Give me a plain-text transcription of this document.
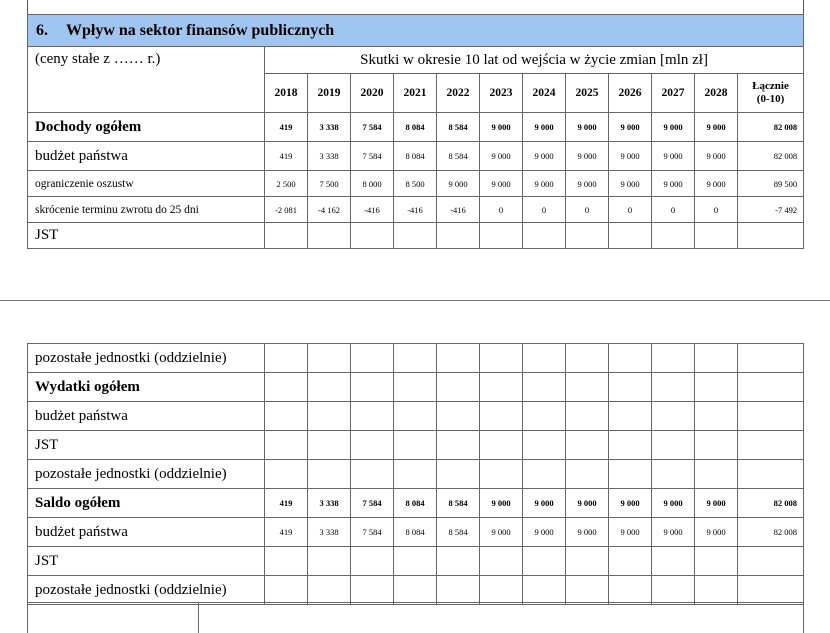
6. Wpływ na sektor finansów publicznych												
(ceny stałe z …… r.)	Skutki w okresie 10 lat od wejścia w życie zmian [mln zł]											
	2018	2019	2020	2021	2022	2023	2024	2025	2026	2027	2028	Łącznie
(0-10)
Dochody ogółem	419	3 338	7 584	8 084	8 584	9 000	9 000	9 000	9 000	9 000	9 000	82 008
budżet państwa	419	3 338	7 584	8 084	8 584	9 000	9 000	9 000	9 000	9 000	9 000	82 008
ograniczenie oszustw	2 500	7 500	8 000	8 500	9 000	9 000	9 000	9 000	9 000	9 000	9 000	89 500
skrócenie terminu zwrotu do 25 dni	-2 081	-4 162	-416	-416	-416	0	0	0	0	0	0	-7 492
JST												
pozostałe jednostki (oddzielnie)												
Wydatki ogółem												
budżet państwa												
JST												
pozostałe jednostki (oddzielnie)												
Saldo ogółem	419	3 338	7 584	8 084	8 584	9 000	9 000	9 000	9 000	9 000	9 000	82 008
budżet państwa	419	3 338	7 584	8 084	8 584	9 000	9 000	9 000	9 000	9 000	9 000	82 008
JST												
pozostałe jednostki (oddzielnie)												
